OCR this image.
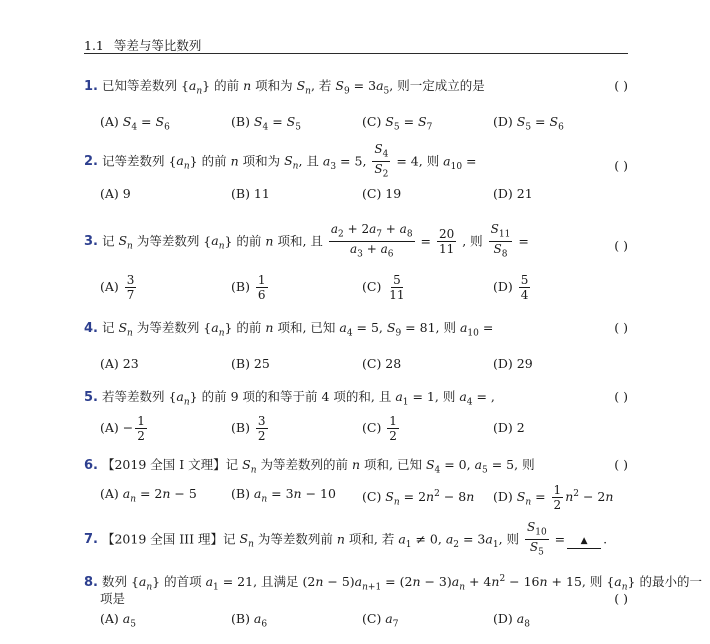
1.1 等差与等比数列
1. 已知等差数列 $\{a_n\}$ 的前 n 项和为 $S_n$, 若 $S_9 = 3a_5$, 则一定成立的是	( )
(A) $S_4 = S_6$	(B) $S_4 = S_5$	(C) $S_5 = S_7$	(D) $S_5 = S_6$
2. 记等差数列 $\{a_n\}$ 的前 n 项和为 $S_n$, 且 $a_3 = 5$, $\frac{S_4}{S_2} = 4$, 则 $a_{10}$ =	( )
(A) 9	(B) 11	(C) 19	(D) 21
3. 记 $S_n$ 为等差数列 $\{a_n\}$ 的前 n 项和, 且 $\frac{a_2 + 2a_7 + a_8}{a_3 + a_6} = \frac{20}{11}$ , 则 $\frac{S_{11}}{S_8}$ =	( )
$(A) \frac{3}{7}$	$(B) \frac{1}{6}$	$(C) \frac{5}{11}$	$(D) \frac{5}{4}$
4. 记 $S_n$ 为等差数列 $\{a_n\}$ 的前 n 项和, 已知 $a_4 = 5$, $S_9 = 81$, 则 $a_{10}$ =	( )
(A) 23	(B) 25	(C) 28	(D) 29
5. 若等差数列 $\{a_n\}$ 的前 9 项的和等于前 4 项的和, 且 $a_1 = 1$, 则 $a_4$ = ,	( )
$(A) - \frac{1}{2}$	$(B) \frac{3}{2}$	$(C) \frac{1}{2}$	(D) 2
6. 【2019 全国 I 文理】记 $S_n$ 为等差数列的前 n 项和, 已知 $S_4 = 0$, $a_5 = 5$, 则	( )
(A) $a_n = 2n - 5$	(B) $a_n = 3n - 10$ (C) $S_n = 2n^2 - 8n$ (D) $S_n = \frac{1}{2} n^2 - 2n$
7. 【2019 全国 III 理】记 $S_n$ 为等差数列前 n 项和, 若 $a_1 \ne 0$, $a_2 = 3a_1$, 则 $\frac{S_{10}}{S_5}$ = ▲ .
8. 数列 $\{a_n\}$ 的首项 $a_1 = 21$, 且满足 $(2n - 5)a_{n+1} = (2n - 3)a_n + 4n^2 - 16n + 15$, 则 $\{a_n\}$ 的最小的一
项是	( )
(A) $a_5$	(B) $a_6$	(C) $a_7$	(D) $a_8$
